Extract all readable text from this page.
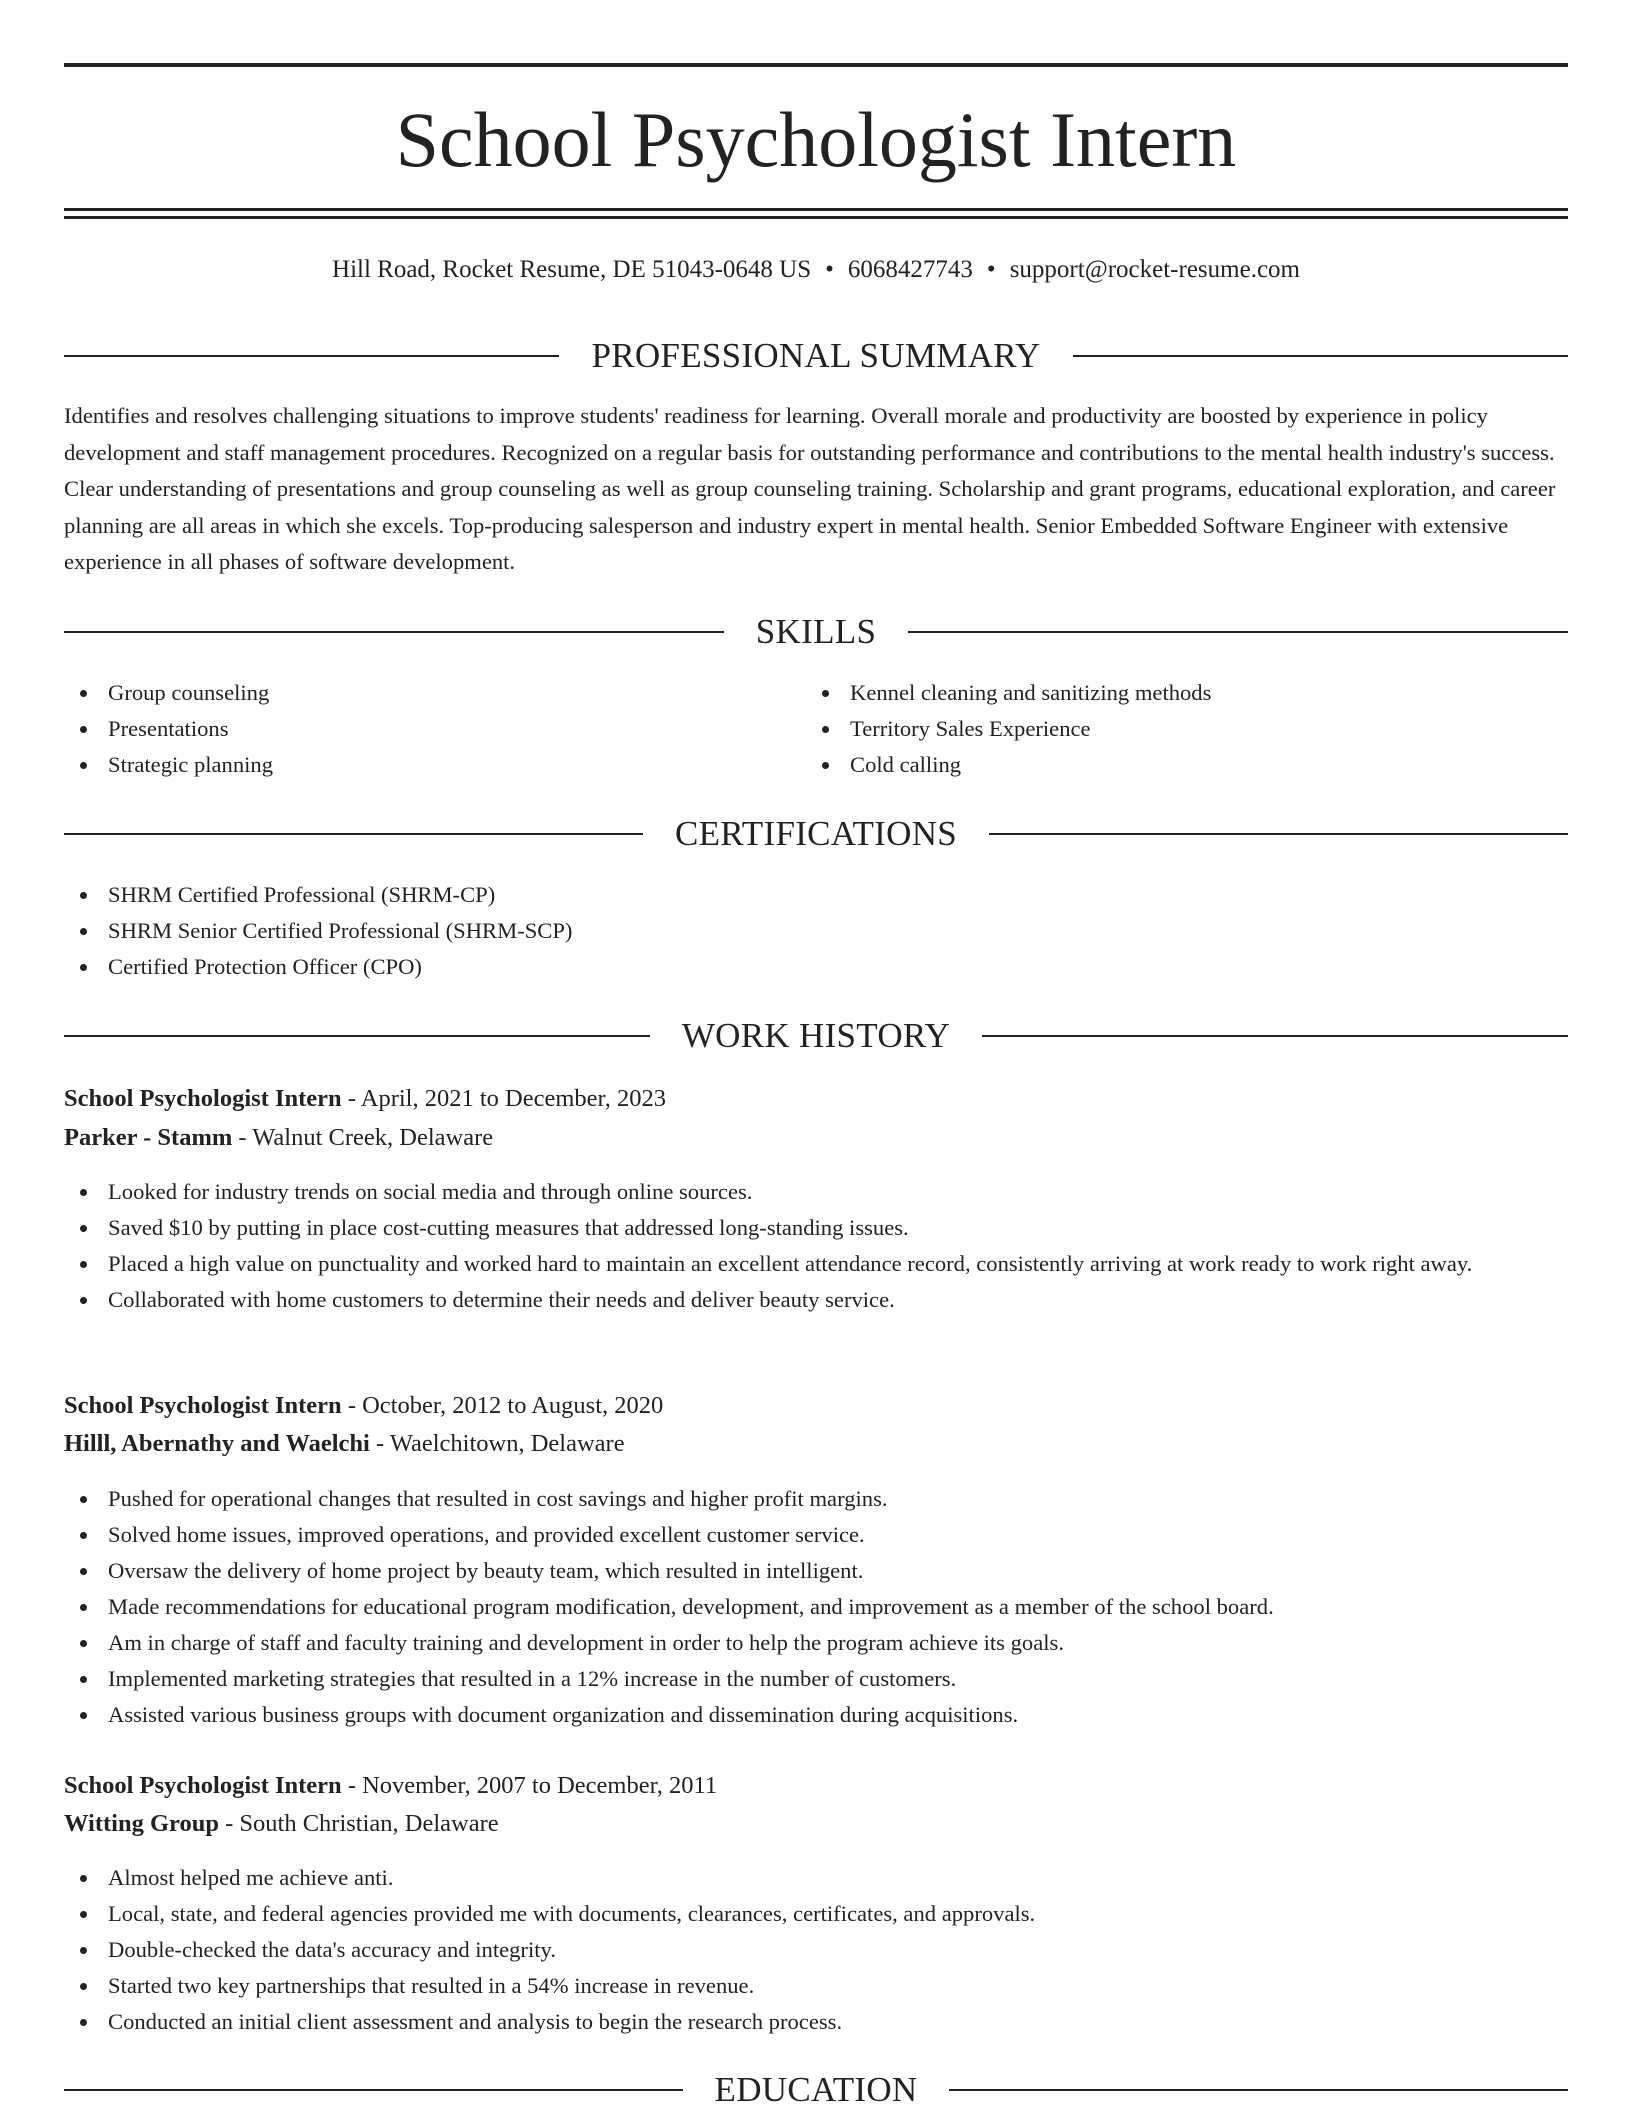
School Psychologist Intern
Hill Road, Rocket Resume, DE 51043-0648 US • 6068427743 • support@rocket-resume.com
PROFESSIONAL SUMMARY

Identifies and resolves challenging situations to improve students' readiness for learning. Overall morale and productivity are boosted by experience in policy development and staff management procedures. Recognized on a regular basis for outstanding performance and contributions to the mental health industry's success. Clear understanding of presentations and group counseling as well as group counseling training. Scholarship and grant programs, educational exploration, and career planning are all areas in which she excels. Top-producing salesperson and industry expert in mental health. Senior Embedded Software Engineer with extensive experience in all phases of software development.

SKILLS
Group counseling
Presentations
Strategic planning
Kennel cleaning and sanitizing methods
Territory Sales Experience
Cold calling
CERTIFICATIONS
SHRM Certified Professional (SHRM-CP)
SHRM Senior Certified Professional (SHRM-SCP)
Certified Protection Officer (CPO)
WORK HISTORY
School Psychologist Intern - April, 2021 to December, 2023
Parker - Stamm - Walnut Creek, Delaware
Looked for industry trends on social media and through online sources.
Saved $10 by putting in place cost-cutting measures that addressed long-standing issues.
Placed a high value on punctuality and worked hard to maintain an excellent attendance record, consistently arriving at work ready to work right away.
Collaborated with home customers to determine their needs and deliver beauty service.
School Psychologist Intern - October, 2012 to August, 2020
Hilll, Abernathy and Waelchi - Waelchitown, Delaware
Pushed for operational changes that resulted in cost savings and higher profit margins.
Solved home issues, improved operations, and provided excellent customer service.
Oversaw the delivery of home project by beauty team, which resulted in intelligent.
Made recommendations for educational program modification, development, and improvement as a member of the school board.
Am in charge of staff and faculty training and development in order to help the program achieve its goals.
Implemented marketing strategies that resulted in a 12% increase in the number of customers.
Assisted various business groups with document organization and dissemination during acquisitions.
School Psychologist Intern - November, 2007 to December, 2011
Witting Group - South Christian, Delaware
Almost helped me achieve anti.
Local, state, and federal agencies provided me with documents, clearances, certificates, and approvals.
Double-checked the data's accuracy and integrity.
Started two key partnerships that resulted in a 54% increase in revenue.
Conducted an initial client assessment and analysis to begin the research process.
EDUCATION
